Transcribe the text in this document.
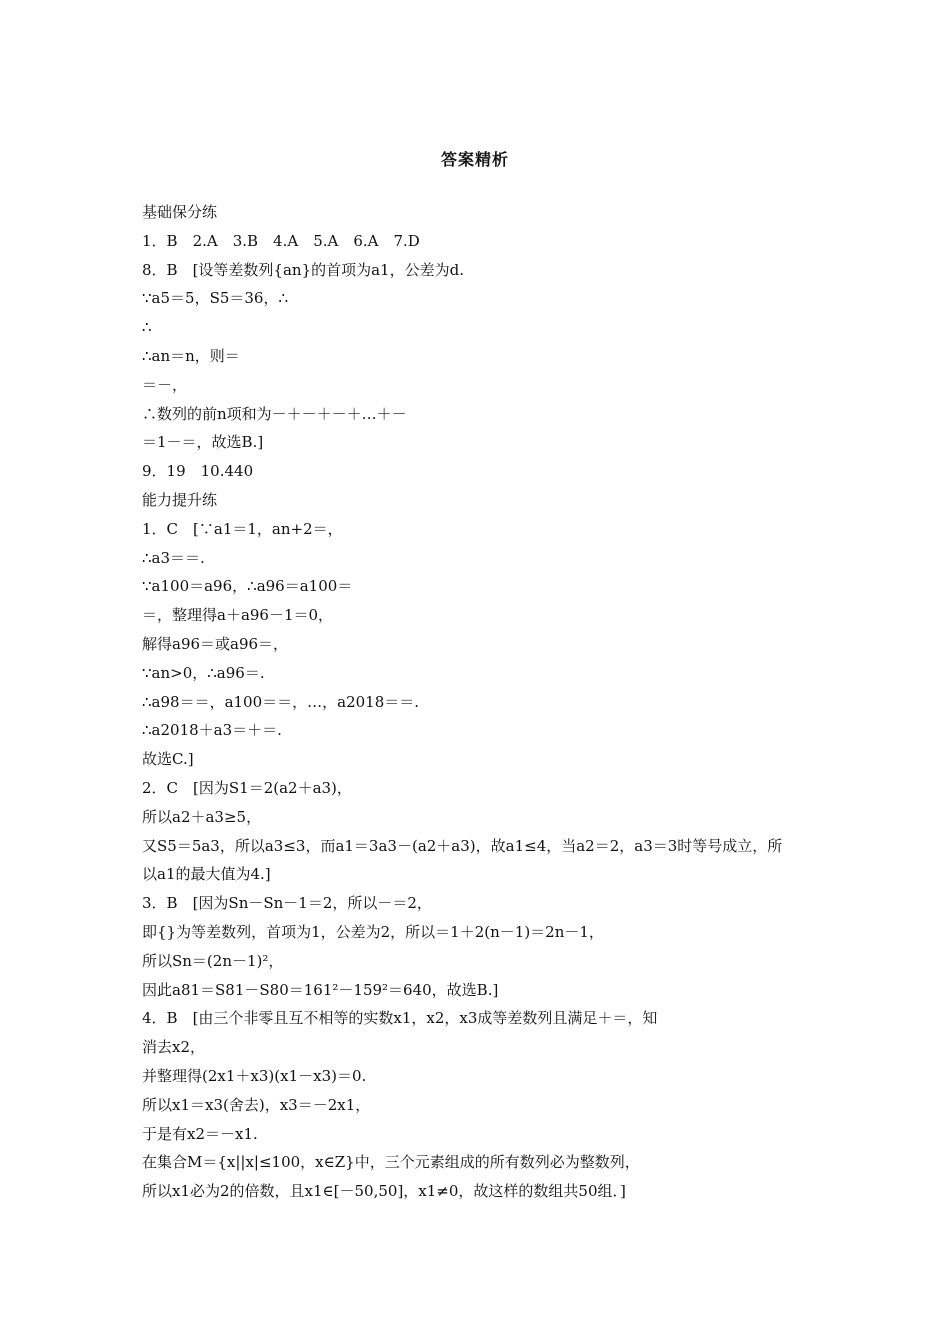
答案精析
基础保分练
1．B　2.A　3.B　4.A　5.A　6.A　7.D
8．B　[设等差数列{an}的首项为a1，公差为d.
∵a5＝5，S5＝36，∴
∴
∴an＝n，则＝
＝－，
∴数列的前n项和为－＋－＋－＋…＋－
＝1－＝，故选B.]
9．19　10.440
能力提升练
1．C　[∵a1＝1，an+2＝，
∴a3＝＝.
∵a100＝a96，∴a96＝a100＝
＝，整理得a＋a96－1＝0，
解得a96＝或a96＝，
∵an>0，∴a96＝.
∴a98＝＝，a100＝＝，…，a2018＝＝.
∴a2018＋a3＝＋＝.
故选C.]
2．C　[因为S1＝2(a2＋a3)，
所以a2＋a3≥5，
又S5＝5a3，所以a3≤3，而a1＝3a3－(a2＋a3)，故a1≤4，当a2＝2，a3＝3时等号成立，所
以a1的最大值为4.]
3．B　[因为Sn－Sn－1＝2，所以－＝2，
即{}为等差数列，首项为1，公差为2，所以＝1＋2(n－1)＝2n－1，
所以Sn＝(2n－1)²，
因此a81＝S81－S80＝161²－159²＝640，故选B.]
4．B　[由三个非零且互不相等的实数x1，x2，x3成等差数列且满足＋＝，知
消去x2，
并整理得(2x1＋x3)(x1－x3)＝0.
所以x1＝x3(舍去)，x3＝－2x1，
于是有x2＝－x1.
在集合M＝{x||x|≤100，x∈Z}中，三个元素组成的所有数列必为整数列，
所以x1必为2的倍数，且x1∈[－50,50]，x1≠0，故这样的数组共50组．]
